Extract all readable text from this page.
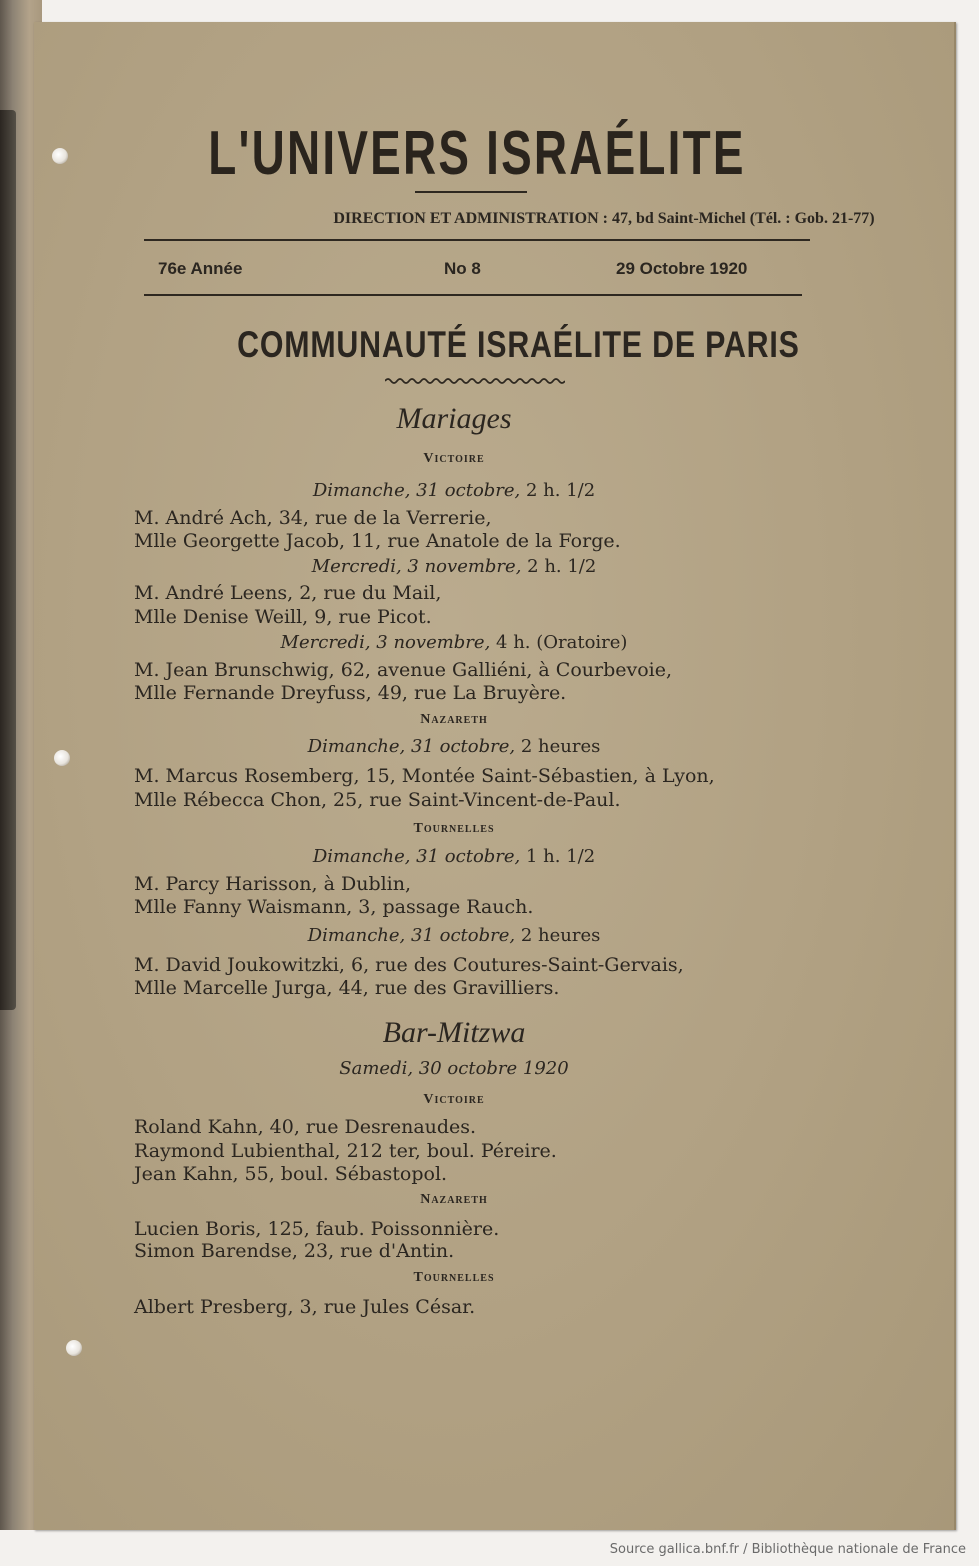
L'UNIVERS ISRAÉLITE
DIRECTION ET ADMINISTRATION : 47, bd Saint-Michel (Tél. : Gob. 21-77)
76e Année	No 8	29 Octobre 1920
COMMUNAUTÉ ISRAÉLITE DE PARIS
Mariages
Victoire
Dimanche, 31 octobre, 2 h. 1/2
M. André Ach, 34, rue de la Verrerie,
Mlle Georgette Jacob, 11, rue Anatole de la Forge.
Mercredi, 3 novembre, 2 h. 1/2
M. André Leens, 2, rue du Mail,
Mlle Denise Weill, 9, rue Picot.
Mercredi, 3 novembre, 4 h. (Oratoire)
M. Jean Brunschwig, 62, avenue Galliéni, à Courbevoie,
Mlle Fernande Dreyfuss, 49, rue La Bruyère.
Nazareth
Dimanche, 31 octobre, 2 heures
M. Marcus Rosemberg, 15, Montée Saint-Sébastien, à Lyon,
Mlle Rébecca Chon, 25, rue Saint-Vincent-de-Paul.
Tournelles
Dimanche, 31 octobre, 1 h. 1/2
M. Parcy Harisson, à Dublin,
Mlle Fanny Waismann, 3, passage Rauch.
Dimanche, 31 octobre, 2 heures
M. David Joukowitzki, 6, rue des Coutures-Saint-Gervais,
Mlle Marcelle Jurga, 44, rue des Gravilliers.
Bar-Mitzwa
Samedi, 30 octobre 1920
Victoire
Roland Kahn, 40, rue Desrenaudes.
Raymond Lubienthal, 212 ter, boul. Péreire.
Jean Kahn, 55, boul. Sébastopol.
Nazareth
Lucien Boris, 125, faub. Poissonnière.
Simon Barendse, 23, rue d'Antin.
Tournelles
Albert Presberg, 3, rue Jules César.
Source gallica.bnf.fr / Bibliothèque nationale de France
